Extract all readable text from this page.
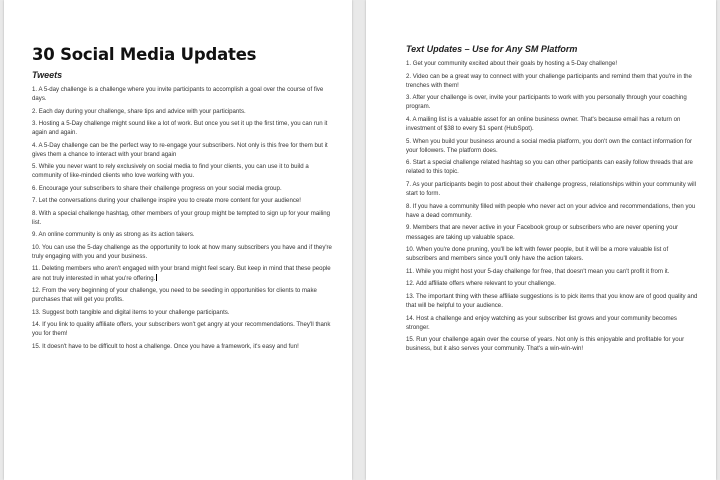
30 Social Media Updates
Tweets
1. A 5-day challenge is a challenge where you invite participants to accomplish a goal over the course of five days.
2. Each day during your challenge, share tips and advice with your participants.
3. Hosting a 5-Day challenge might sound like a lot of work. But once you set it up the first time, you can run it again and again.
4. A 5-Day challenge can be the perfect way to re-engage your subscribers. Not only is this free for them but it gives them a chance to interact with your brand again
5. While you never want to rely exclusively on social media to find your clients, you can use it to build a community of like-minded clients who love working with you.
6. Encourage your subscribers to share their challenge progress on your social media group.
7. Let the conversations during your challenge inspire you to create more content for your audience!
8. With a special challenge hashtag, other members of your group might be tempted to sign up for your mailing list.
9. An online community is only as strong as its action takers.
10. You can use the 5-day challenge as the opportunity to look at how many subscribers you have and if they're truly engaging with you and your business.
11. Deleting members who aren't engaged with your brand might feel scary. But keep in mind that these people are not truly interested in what you're offering.
12. From the very beginning of your challenge, you need to be seeding in opportunities for clients to make purchases that will get you profits.
13. Suggest both tangible and digital items to your challenge participants.
14. If you link to quality affiliate offers, your subscribers won't get angry at your recommendations. They'll thank you for them!
15. It doesn't have to be difficult to host a challenge. Once you have a framework, it's easy and fun!
Text Updates – Use for Any SM Platform
1. Get your community excited about their goals by hosting a 5-Day challenge!
2. Video can be a great way to connect with your challenge participants and remind them that you're in the trenches with them!
3. After your challenge is over, invite your participants to work with you personally through your coaching program.
4. A mailing list is a valuable asset for an online business owner. That's because email has a return on investment of $38 to every $1 spent (HubSpot).
5. When you build your business around a social media platform, you don't own the contact information for your followers. The platform does.
6. Start a special challenge related hashtag so you can other participants can easily follow threads that are related to this topic.
7. As your participants begin to post about their challenge progress, relationships within your community will start to form.
8. If you have a community filled with people who never act on your advice and recommendations, then you have a dead community.
9. Members that are never active in your Facebook group or subscribers who are never opening your messages are taking up valuable space.
10. When you're done pruning, you'll be left with fewer people, but it will be a more valuable list of subscribers and members since you'll only have the action takers.
11. While you might host your 5-day challenge for free, that doesn't mean you can't profit it from it.
12. Add affiliate offers where relevant to your challenge.
13. The important thing with these affiliate suggestions is to pick items that you know are of good quality and that will be helpful to your audience.
14. Host a challenge and enjoy watching as your subscriber list grows and your community becomes stronger.
15. Run your challenge again over the course of years. Not only is this enjoyable and profitable for your business, but it also serves your community. That's a win-win-win!
